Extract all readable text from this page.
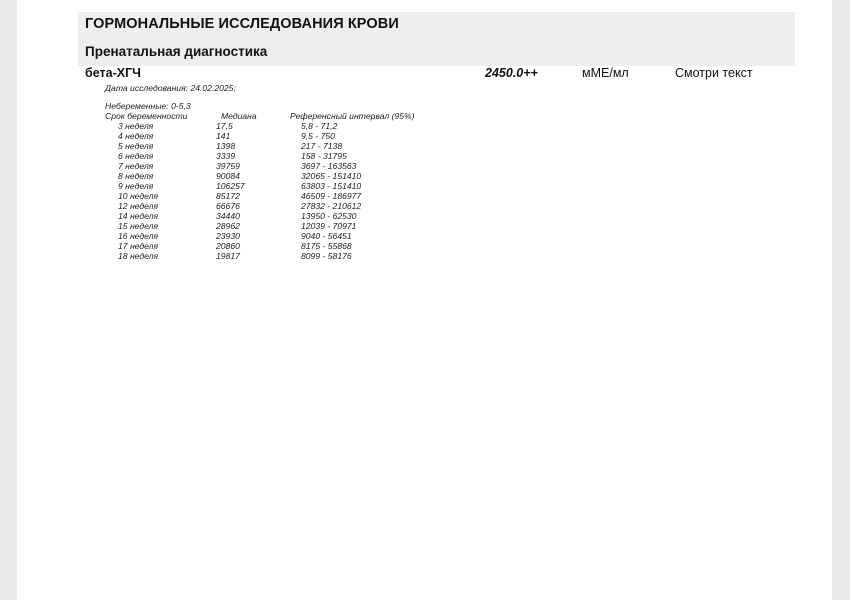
ГОРМОНАЛЬНЫЕ ИССЛЕДОВАНИЯ КРОВИ
Пренатальная диагностика
бета-ХГЧ	2450.0++	мМЕ/мл	Смотри текст
Дата исследования: 24.02.2025;
Небеременные: 0-5,3
Срок беременности	Медиана	Референсный интервал (95%)
3 неделя	17,5	5,8 - 71,2
4 неделя	141	9,5 - 750
5 неделя	1398	217 - 7138
6 неделя	3339	158 - 31795
7 неделя	39759	3697 - 163563
8 неделя	90084	32065 - 151410
9 неделя	106257	63803 - 151410
10 неделя	85172	46509 - 186977
12 неделя	66676	27832 - 210612
14 неделя	34440	13950 - 62530
15 неделя	28962	12039 - 70971
16 неделя	23930	9040 - 56451
17 неделя	20860	8175 - 55868
18 неделя	19817	8099 - 58176
